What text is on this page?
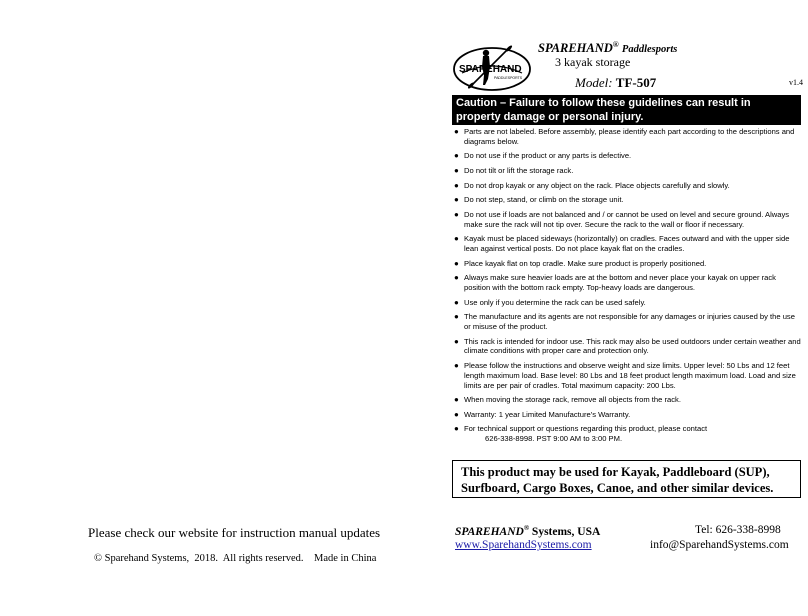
Please check our website for instruction manual updates
© Sparehand Systems,  2018.  All rights reserved.    Made in China
SPAREHAND
PADDLESPORTS
SPAREHAND® Paddlesports
3 kayak storage
Model: TF-507	v1.4
Caution – Failure to follow these guidelines can result in property damage or personal injury.
● Parts are not labeled. Before assembly, please identify each part according to the descriptions and diagrams below.
● Do not use if the product or any parts is defective.
● Do not tilt or lift the storage rack.
● Do not drop kayak or any object on the rack. Place objects carefully and slowly.
● Do not step, stand, or climb on the storage unit.
● Do not use if loads are not balanced and / or cannot be used on level and secure ground. Always make sure the rack will not tip over. Secure the rack to the wall or floor if necessary.
● Kayak must be placed sideways (horizontally) on cradles. Faces outward and with the upper side lean against vertical posts. Do not place kayak flat on the cradles.
● Place kayak flat on top cradle. Make sure product is properly positioned.
● Always make sure heavier loads are at the bottom and never place your kayak on upper rack position with the bottom rack empty. Top-heavy loads are dangerous.
● Use only if you determine the rack can be used safely.
● The manufacture and its agents are not responsible for any damages or injuries caused by the use or misuse of the product.
● This rack is intended for indoor use. This rack may also be used outdoors under certain weather and climate conditions with proper care and protection only.
● Please follow the instructions and observe weight and size limits. Upper level: 50 Lbs and 12 feet length maximum load. Base level: 80 Lbs and 18 feet product length maximum load. Load and size limits are per pair of cradles. Total maximum capacity: 200 Lbs.
● When moving the storage rack, remove all objects from the rack.
● Warranty: 1 year Limited Manufacture's Warranty.
● For technical support or questions regarding this product, please contact
626-338-8998. PST 9:00 AM to 3:00 PM.
This product may be used for Kayak, Paddleboard (SUP), Surfboard, Cargo Boxes, Canoe, and other similar devices.
SPAREHAND® Systems, USA
www.SparehandSystems.com
Tel: 626-338-8998
info@SparehandSystems.com
